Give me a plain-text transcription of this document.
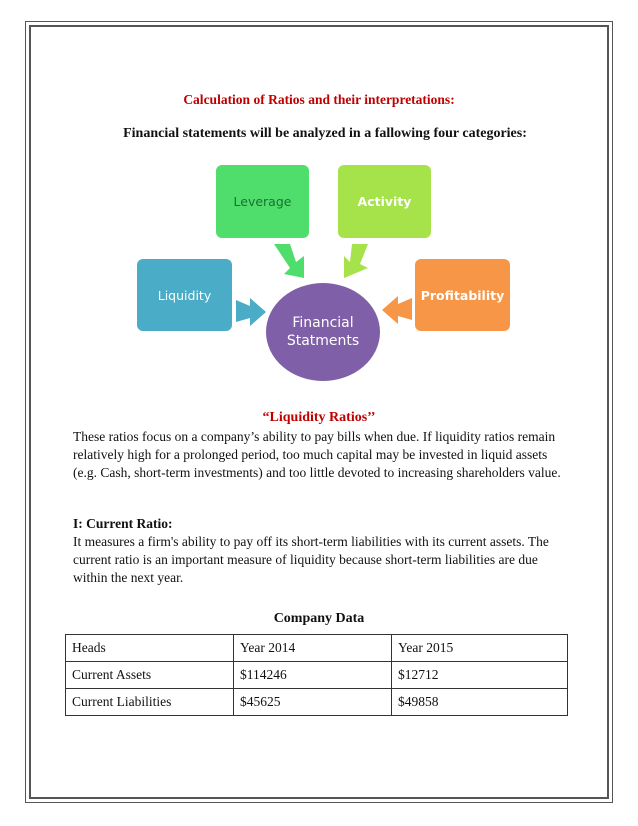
Calculation of Ratios and their interpretations:
Financial statements will be analyzed in a fallowing four categories:
Liquidity
Leverage	Activity
Profitability
Financial
Statments
“Liquidity Ratios’’
These ratios focus on a company’s ability to pay bills when due. If liquidity ratios remain relatively high for a prolonged period, too much capital may be invested in liquid assets (e.g. Cash, short-term investments) and too little devoted to increasing shareholders value.
I: Current Ratio:
It measures a firm's ability to pay off its short-term liabilities with its current assets. The current ratio is an important measure of liquidity because short-term liabilities are due within the next year.
Company Data
Heads	Year 2014	Year 2015
Current Assets	$114246	$12712
Current Liabilities	$45625	$49858
